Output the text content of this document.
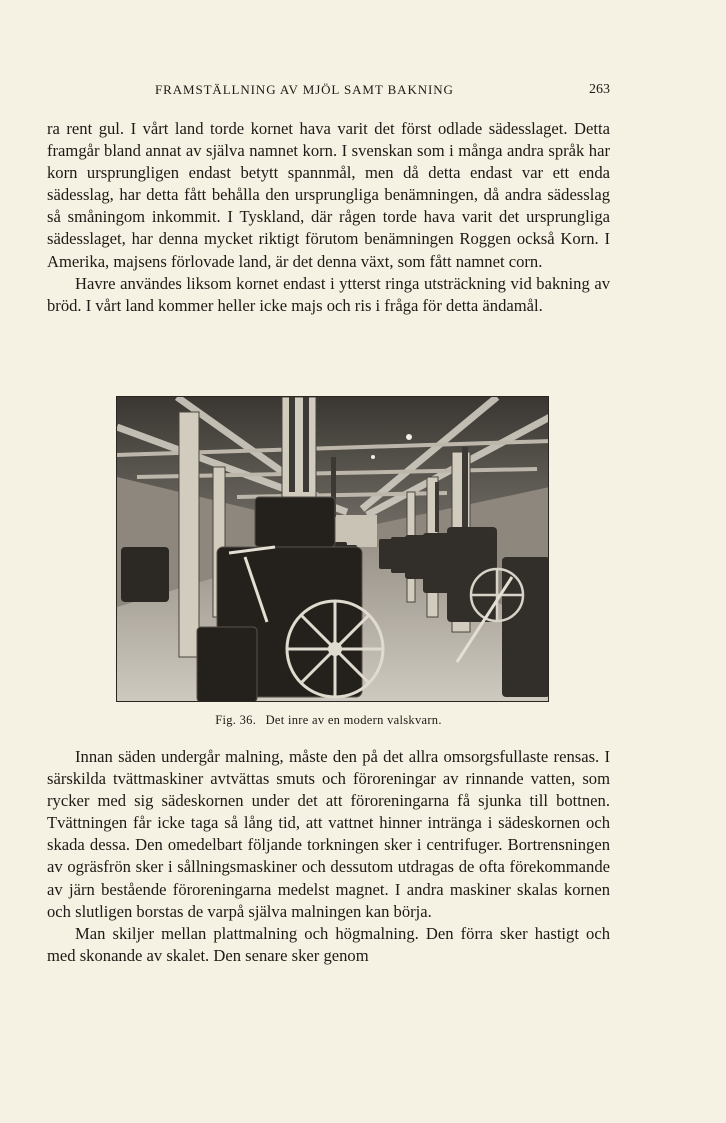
FRAMSTÄLLNING AV MJÖL SAMT BAKNING	263

ra rent gul. I vårt land torde kornet hava varit det först odlade sädesslaget. Detta framgår bland annat av själva namnet korn. I svenskan som i många andra språk har korn ursprungligen endast betytt spannmål, men då detta endast var ett enda sädesslag, har detta fått behålla den ursprungliga benämningen, då andra sädesslag så småningom inkommit. I Tyskland, där rågen torde hava varit det ursprungliga sädesslaget, har denna mycket riktigt förutom benämningen Roggen också Korn. I Amerika, majsens förlovade land, är det denna växt, som fått namnet corn.

Havre användes liksom kornet endast i ytterst ringa utsträckning vid bakning av bröd. I vårt land kommer heller icke majs och ris i fråga för detta ändamål.

Fig. 36. Det inre av en modern valskvarn.

Innan säden undergår malning, måste den på det allra omsorgsfullaste rensas. I särskilda tvättmaskiner avtvättas smuts och föroreningar av rinnande vatten, som rycker med sig sädeskornen under det att föroreningarna få sjunka till bottnen. Tvättningen får icke taga så lång tid, att vattnet hinner intränga i sädeskornen och skada dessa. Den omedelbart följande torkningen sker i centrifuger. Bortrensningen av ogräsfrön sker i sållningsmaskiner och dessutom utdragas de ofta förekommande av järn bestående föroreningarna medelst magnet. I andra maskiner skalas kornen och slutligen borstas de varpå själva malningen kan börja.

Man skiljer mellan plattmalning och högmalning. Den förra sker hastigt och med skonande av skalet. Den senare sker genom
